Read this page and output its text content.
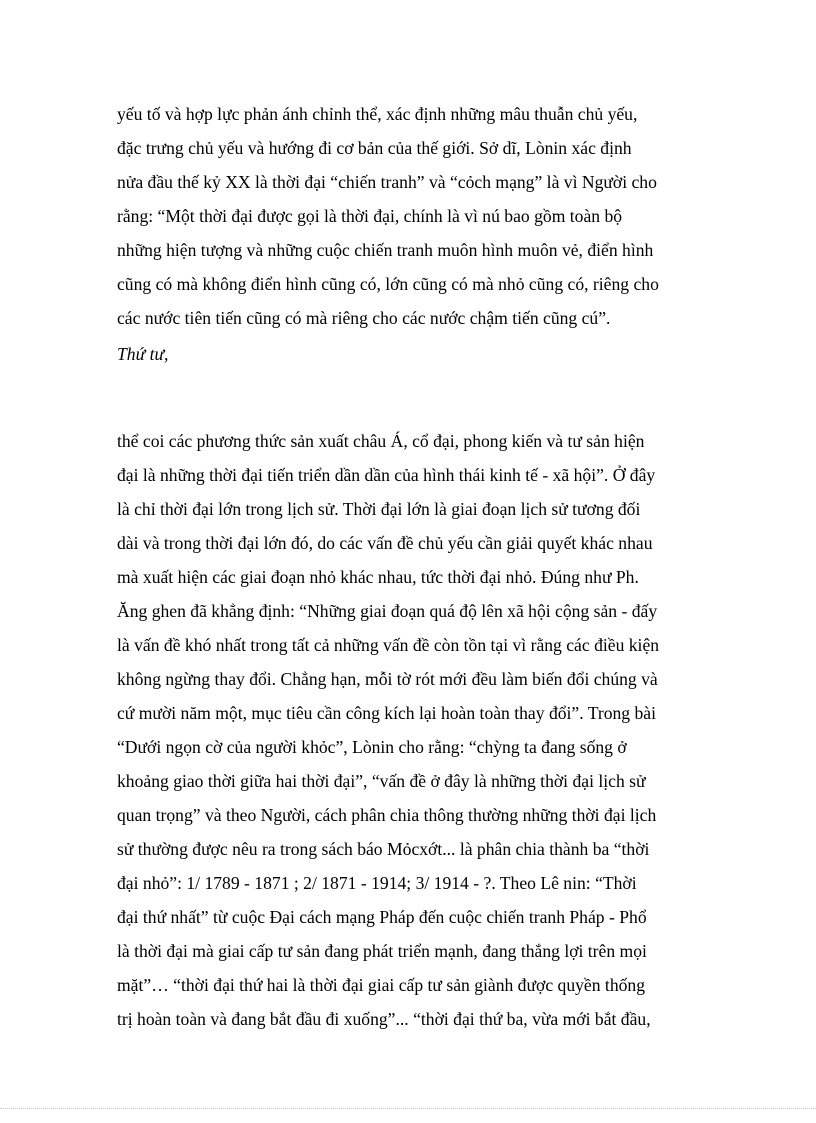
yếu tố và hợp lực phản ánh chỉnh thể, xác định những mâu thuẫn chủ yếu,
đặc trưng chủ yếu và hướng đi cơ bản của thế giới. Sở dĩ, Lònin xác định
nửa đầu thế kỷ XX là thời đại “chiến tranh” và “cỏch mạng” là vì Người cho
rằng: “Một thời đại được gọi là thời đại, chính là vì nú bao gồm toàn bộ
những hiện tượng và những cuộc chiến tranh muôn hình muôn vẻ, điển hình
cũng có mà không điển hình cũng có, lớn cũng có mà nhỏ cũng có, riêng cho
các nước tiên tiến cũng có mà riêng cho các nước chậm tiến cũng cú”.
Thứ tư,
thể coi các phương thức sản xuất châu Á, cổ đại, phong kiến và tư sản hiện
đại là những thời đại tiến triển dần dần của hình thái kinh tế - xã hội”. Ở đây
là chỉ thời đại lớn trong lịch sử. Thời đại lớn là giai đoạn lịch sử tương đối
dài và trong thời đại lớn đó, do các vấn đề chủ yếu cần giải quyết khác nhau
mà xuất hiện các giai đoạn nhỏ khác nhau, tức thời đại nhỏ. Đúng như Ph.
Ăng ghen đã khẳng định: “Những giai đoạn quá độ lên xã hội cộng sản - đấy
là vấn đề khó nhất trong tất cả những vấn đề còn tồn tại vì rằng các điều kiện
không ngừng thay đổi. Chẳng hạn, mỗi tờ rót mới đều làm biến đổi chúng và
cứ mười năm một, mục tiêu cần công kích lại hoàn toàn thay đổi”. Trong bài
“Dưới ngọn cờ của người khỏc”, Lònin cho rằng: “chỳng ta đang sống ở
khoảng giao thời giữa hai thời đại”, “vấn đề ở đây là những thời đại lịch sử
quan trọng” và theo Người, cách phân chia thông thường những thời đại lịch
sử thường được nêu ra trong sách báo Mỏcxớt... là phân chia thành ba “thời
đại nhỏ”: 1/ 1789 - 1871 ; 2/ 1871 - 1914; 3/ 1914 - ?. Theo Lê nin: “Thời
đại thứ nhất” từ cuộc Đại cách mạng Pháp đến cuộc chiến tranh Pháp - Phổ
là thời đại mà giai cấp tư sản đang phát triển mạnh, đang thắng lợi trên mọi
mặt”… “thời đại thứ hai là thời đại giai cấp tư sản giành được quyền thống
trị hoàn toàn và đang bắt đầu đi xuống”... “thời đại thứ ba, vừa mới bắt đầu,
